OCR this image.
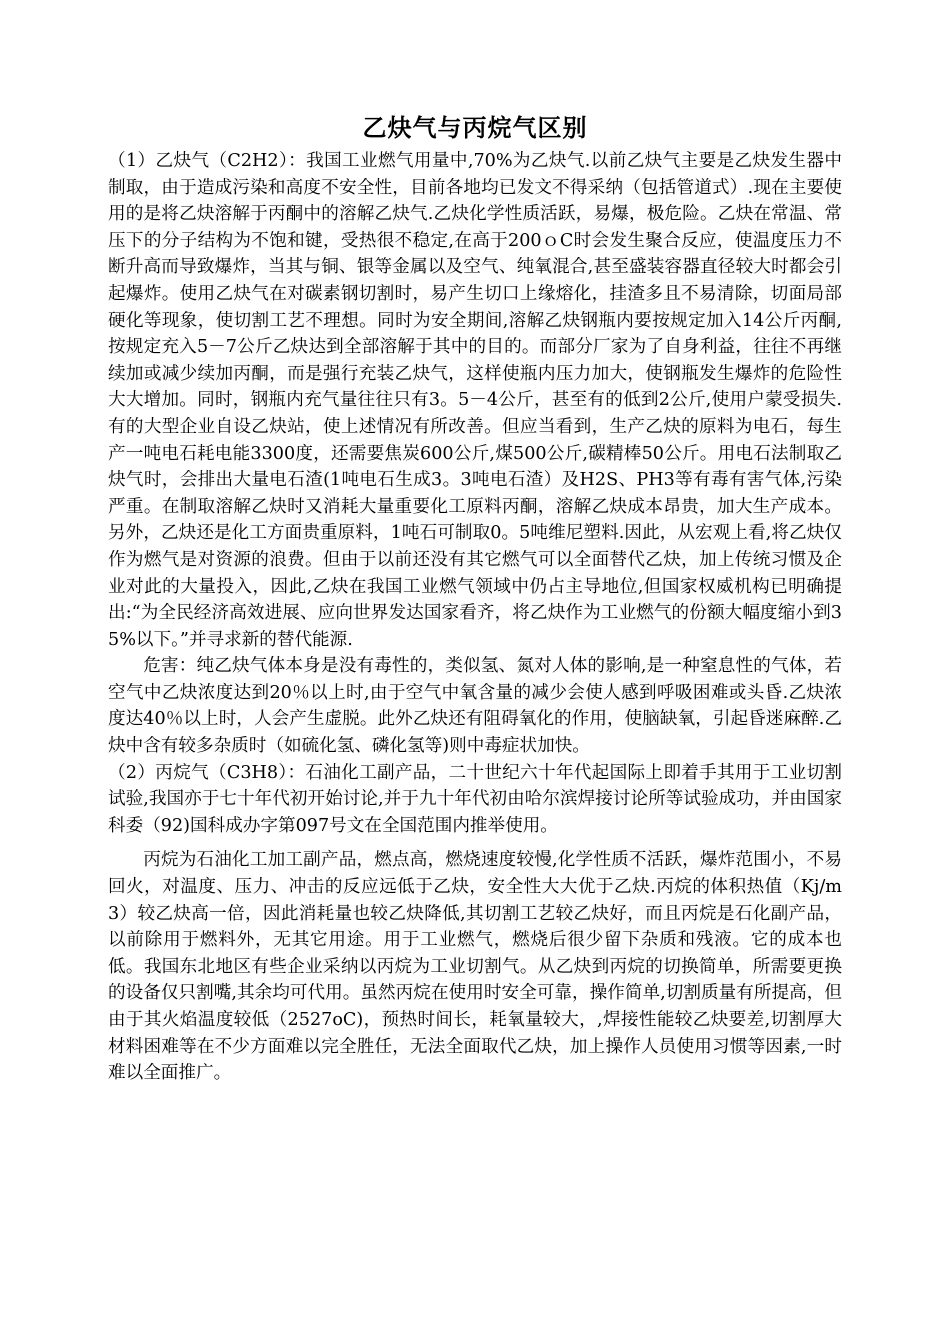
乙炔气与丙烷气区别

（1）乙炔气（C2H2）：我国工业燃气用量中,70%为乙炔气.以前乙炔气主要是乙炔发生器中制取，由于造成污染和高度不安全性，目前各地均已发文不得采纳（包括管道式）.现在主要使用的是将乙炔溶解于丙酮中的溶解乙炔气.乙炔化学性质活跃，易爆，极危险。乙炔在常温、常压下的分子结构为不饱和键，受热很不稳定,在高于200ｏC时会发生聚合反应，使温度压力不断升高而导致爆炸，当其与铜、银等金属以及空气、纯氧混合,甚至盛装容器直径较大时都会引起爆炸。使用乙炔气在对碳素钢切割时，易产生切口上缘熔化，挂渣多且不易清除，切面局部硬化等现象，使切割工艺不理想。同时为安全期间,溶解乙炔钢瓶内要按规定加入14公斤丙酮,按规定充入5－7公斤乙炔达到全部溶解于其中的目的。而部分厂家为了自身利益，往往不再继续加或减少续加丙酮，而是强行充装乙炔气，这样使瓶内压力加大，使钢瓶发生爆炸的危险性大大增加。同时，钢瓶内充气量往往只有3。5－4公斤，甚至有的低到2公斤,使用户蒙受损失.有的大型企业自设乙炔站，使上述情况有所改善。但应当看到，生产乙炔的原料为电石，每生产一吨电石耗电能3300度，还需要焦炭600公斤,煤500公斤,碳精棒50公斤。用电石法制取乙炔气时，会排出大量电石渣(1吨电石生成3。3吨电石渣）及H2S、PH3等有毒有害气体,污染严重。在制取溶解乙炔时又消耗大量重要化工原料丙酮，溶解乙炔成本昂贵，加大生产成本。另外，乙炔还是化工方面贵重原料，1吨石可制取0。5吨维尼塑料.因此，从宏观上看,将乙炔仅作为燃气是对资源的浪费。但由于以前还没有其它燃气可以全面替代乙炔，加上传统习惯及企业对此的大量投入，因此,乙炔在我国工业燃气领域中仍占主导地位,但国家权威机构已明确提出:“为全民经济高效进展、应向世界发达国家看齐，将乙炔作为工业燃气的份额大幅度缩小到35%以下。”并寻求新的替代能源.

危害：纯乙炔气体本身是没有毒性的，类似氢、氮对人体的影响,是一种窒息性的气体，若空气中乙炔浓度达到20％以上时,由于空气中氧含量的减少会使人感到呼吸困难或头昏.乙炔浓度达40％以上时，人会产生虚脱。此外乙炔还有阻碍氧化的作用，使脑缺氧，引起昏迷麻醉.乙炔中含有较多杂质时（如硫化氢、磷化氢等)则中毒症状加快。

（2）丙烷气（C3H8）：石油化工副产品，二十世纪六十年代起国际上即着手其用于工业切割试验,我国亦于七十年代初开始讨论,并于九十年代初由哈尔滨焊接讨论所等试验成功，并由国家科委（92)国科成办字第097号文在全国范围内推举使用。

丙烷为石油化工加工副产品，燃点高，燃烧速度较慢,化学性质不活跃，爆炸范围小，不易回火，对温度、压力、冲击的反应远低于乙炔，安全性大大优于乙炔.丙烷的体积热值（Kj/m3）较乙炔高一倍，因此消耗量也较乙炔降低,其切割工艺较乙炔好，而且丙烷是石化副产品，以前除用于燃料外，无其它用途。用于工业燃气，燃烧后很少留下杂质和残液。它的成本也低。我国东北地区有些企业采纳以丙烷为工业切割气。从乙炔到丙烷的切换简单，所需要更换的设备仅只割嘴,其余均可代用。虽然丙烷在使用时安全可靠，操作简单,切割质量有所提高，但由于其火焰温度较低（2527oC)，预热时间长，耗氧量较大，,焊接性能较乙炔要差,切割厚大材料困难等在不少方面难以完全胜任，无法全面取代乙炔，加上操作人员使用习惯等因素,一时难以全面推广。
